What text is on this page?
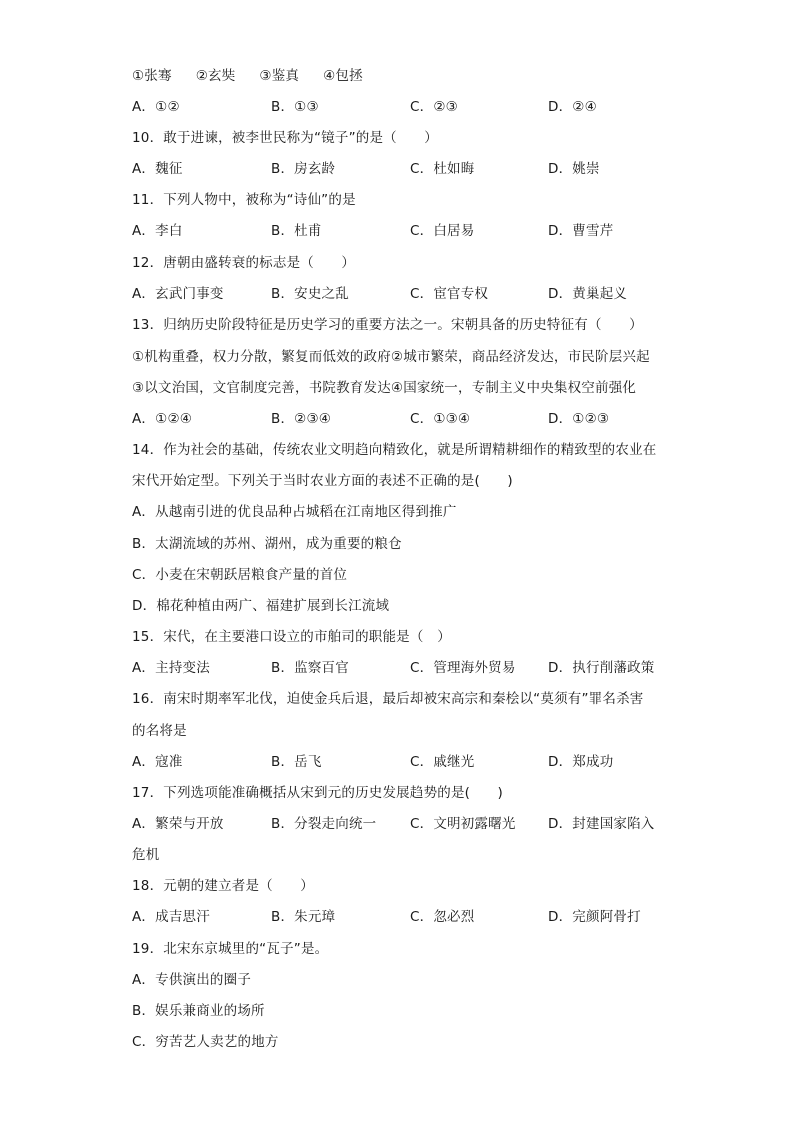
①张骞 ②玄奘 ③鉴真 ④包拯
A．①②	B．①③	C．②③	D．②④
10．敢于进谏，被李世民称为“镜子”的是（　　）
A．魏征	B．房玄龄	C．杜如晦	D．姚崇
11．下列人物中，被称为“诗仙”的是
A．李白	B．杜甫	C．白居易	D．曹雪芹
12．唐朝由盛转衰的标志是（　　）
A．玄武门事变	B．安史之乱	C．宦官专权	D．黄巢起义
13．归纳历史阶段特征是历史学习的重要方法之一。宋朝具备的历史特征有（　　）
①机构重叠，权力分散，繁复而低效的政府②城市繁荣，商品经济发达，市民阶层兴起
③以文治国，文官制度完善，书院教育发达④国家统一，专制主义中央集权空前强化
A．①②④	B．②③④	C．①③④	D．①②③
14．作为社会的基础，传统农业文明趋向精致化，就是所谓精耕细作的精致型的农业在
宋代开始定型。下列关于当时农业方面的表述不正确的是(　　)
A．从越南引进的优良品种占城稻在江南地区得到推广
B．太湖流域的苏州、湖州，成为重要的粮仓
C．小麦在宋朝跃居粮食产量的首位
D．棉花种植由两广、福建扩展到长江流域
15．宋代，在主要港口设立的市舶司的职能是（　）
A．主持变法	B．监察百官	C．管理海外贸易 D．执行削藩政策
16．南宋时期率军北伐，迫使金兵后退，最后却被宋高宗和秦桧以“莫须有”罪名杀害
的名将是
A．寇准	B．岳飞	C．戚继光	D．郑成功
17．下列选项能准确概括从宋到元的历史发展趋势的是(　　)
A．繁荣与开放	B．分裂走向统一 C．文明初露曙光 D．封建国家陷入
危机
18．元朝的建立者是（　　）
A．成吉思汗	B．朱元璋	C．忽必烈	D．完颜阿骨打
19．北宋东京城里的“瓦子”是。
A．专供演出的圈子
B．娱乐兼商业的场所
C．穷苦艺人卖艺的地方
